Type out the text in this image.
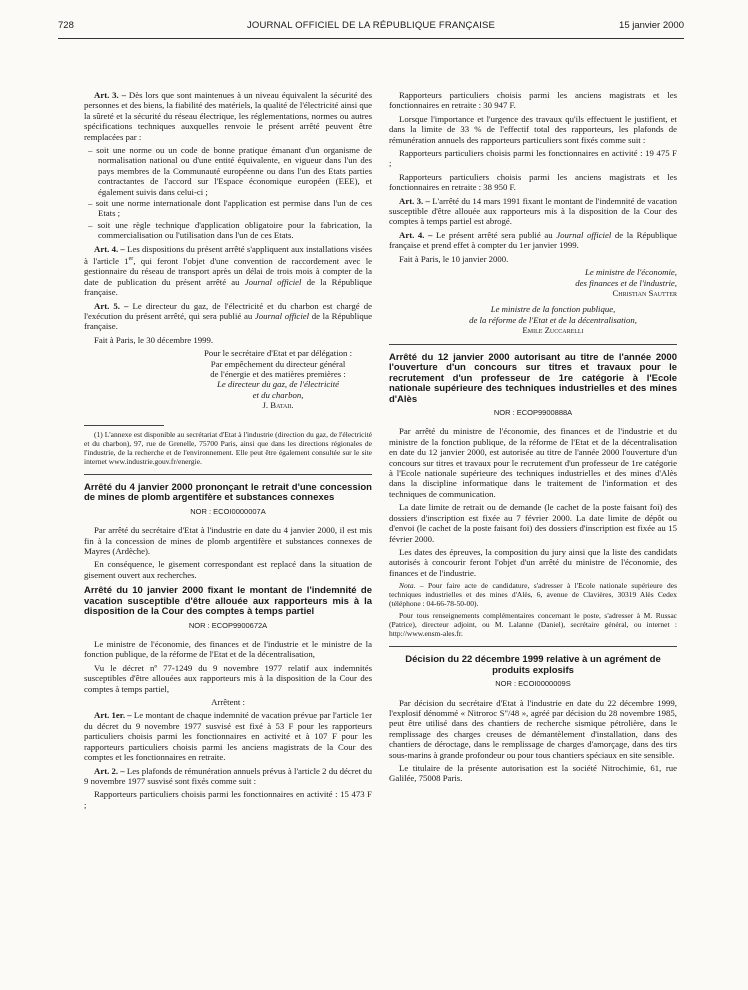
728	JOURNAL OFFICIEL DE LA RÉPUBLIQUE FRANÇAISE	15 janvier 2000

Art. 3. – Dès lors que sont maintenues à un niveau équivalent la sécurité des personnes et des biens, la fiabilité des matériels, la qualité de l'électricité ainsi que la sûreté et la sécurité du réseau électrique, les réglementations, normes ou autres spécifications techniques auxquelles renvoie le présent arrêté peuvent être remplacées par :

– soit une norme ou un code de bonne pratique émanant d'un organisme de normalisation national ou d'une entité équivalente, en vigueur dans l'un des pays membres de la Communauté européenne ou dans l'un des Etats parties contractantes de l'accord sur l'Espace économique européen (EEE), et également suivis dans celui-ci ;
– soit une norme internationale dont l'application est permise dans l'un de ces Etats ;
– soit une règle technique d'application obligatoire pour la fabrication, la commercialisation ou l'utilisation dans l'un de ces Etats.

Art. 4. – Les dispositions du présent arrêté s'appliquent aux installations visées à l'article 1er, qui feront l'objet d'une convention de raccordement avec le gestionnaire du réseau de transport après un délai de trois mois à compter de la date de publication du présent arrêté au Journal officiel de la République française.

Art. 5. – Le directeur du gaz, de l'électricité et du charbon est chargé de l'exécution du présent arrêté, qui sera publié au Journal officiel de la République française.

Fait à Paris, le 30 décembre 1999.

Pour le secrétaire d'Etat et par délégation :
Par empêchement du directeur général
de l'énergie et des matières premières :
Le directeur du gaz, de l'électricité
et du charbon,
J. Bataii.

(1) L'annexe est disponible au secrétariat d'Etat à l'industrie (direction du gaz, de l'électricité et du charbon), 97, rue de Grenelle, 75700 Paris, ainsi que dans les directions régionales de l'industrie, de la recherche et de l'environnement. Elle peut être également consultée sur le site internet www.industrie.gouv.fr/energie.

Arrêté du 4 janvier 2000 prononçant le retrait d'une concession de mines de plomb argentifère et substances connexes
NOR : ECOI0000007A

Par arrêté du secrétaire d'Etat à l'industrie en date du 4 janvier 2000, il est mis fin à la concession de mines de plomb argentifère et substances connexes de Mayres (Ardèche).

En conséquence, le gisement correspondant est replacé dans la situation de gisement ouvert aux recherches.

Arrêté du 10 janvier 2000 fixant le montant de l'indemnité de vacation susceptible d'être allouée aux rapporteurs mis à la disposition de la Cour des comptes à temps partiel
NOR : ECOP9900672A

Le ministre de l'économie, des finances et de l'industrie et le ministre de la fonction publique, de la réforme de l'Etat et de la décentralisation,

Vu le décret nº 77-1249 du 9 novembre 1977 relatif aux indemnités susceptibles d'être allouées aux rapporteurs mis à la disposition de la Cour des comptes à temps partiel,

Arrêtent :

Art. 1er. – Le montant de chaque indemnité de vacation prévue par l'article 1er du décret du 9 novembre 1977 susvisé est fixé à 53 F pour les rapporteurs particuliers choisis parmi les fonctionnaires en activité et à 107 F pour les rapporteurs particuliers choisis parmi les anciens magistrats de la Cour des comptes et les fonctionnaires en retraite.

Art. 2. – Les plafonds de rémunération annuels prévus à l'article 2 du décret du 9 novembre 1977 susvisé sont fixés comme suit :

Rapporteurs particuliers choisis parmi les fonctionnaires en activité : 15 473 F ;

Rapporteurs particuliers choisis parmi les anciens magistrats et les fonctionnaires en retraite : 30 947 F.

Lorsque l'importance et l'urgence des travaux qu'ils effectuent le justifient, et dans la limite de 33 % de l'effectif total des rapporteurs, les plafonds de rémunération annuels des rapporteurs particuliers sont fixés comme suit :

Rapporteurs particuliers choisis parmi les fonctionnaires en activité : 19 475 F ;

Rapporteurs particuliers choisis parmi les anciens magistrats et les fonctionnaires en retraite : 38 950 F.

Art. 3. – L'arrêté du 14 mars 1991 fixant le montant de l'indemnité de vacation susceptible d'être allouée aux rapporteurs mis à la disposition de la Cour des comptes à temps partiel est abrogé.

Art. 4. – Le présent arrêté sera publié au Journal officiel de la République française et prend effet à compter du 1er janvier 1999.

Fait à Paris, le 10 janvier 2000.

Le ministre de l'économie,
des finances et de l'industrie,
Christian Sautter
Le ministre de la fonction publique,
de la réforme de l'Etat et de la décentralisation,
Emile Zuccarelli
Arrêté du 12 janvier 2000 autorisant au titre de l'année 2000 l'ouverture d'un concours sur titres et travaux pour le recrutement d'un professeur de 1re catégorie à l'Ecole nationale supérieure des techniques industrielles et des mines d'Alès
NOR : ECOP9900888A

Par arrêté du ministre de l'économie, des finances et de l'industrie et du ministre de la fonction publique, de la réforme de l'Etat et de la décentralisation en date du 12 janvier 2000, est autorisée au titre de l'année 2000 l'ouverture d'un concours sur titres et travaux pour le recrutement d'un professeur de 1re catégorie à l'Ecole nationale supérieure des techniques industrielles et des mines d'Alès dans la discipline informatique dans le traitement de l'information et des techniques de communication.

La date limite de retrait ou de demande (le cachet de la poste faisant foi) des dossiers d'inscription est fixée au 7 février 2000. La date limite de dépôt ou d'envoi (le cachet de la poste faisant foi) des dossiers d'inscription est fixée au 15 février 2000.

Les dates des épreuves, la composition du jury ainsi que la liste des candidats autorisés à concourir feront l'objet d'un arrêté du ministre de l'économie, des finances et de l'industrie.

Nota. – Pour faire acte de candidature, s'adresser à l'Ecole nationale supérieure des techniques industrielles et des mines d'Alès, 6, avenue de Clavières, 30319 Alès Cedex (téléphone : 04-66-78-50-00).

Pour tous renseignements complémentaires concernant le poste, s'adresser à M. Russac (Patrice), directeur adjoint, ou M. Lalanne (Daniel), secrétaire général, ou internet : http://www.ensm-ales.fr.

Décision du 22 décembre 1999 relative à un agrément de produits explosifs
NOR : ECOI0000009S

Par décision du secrétaire d'Etat à l'industrie en date du 22 décembre 1999, l'explosif dénommé « Nitroroc S"/48 », agréé par décision du 28 novembre 1985, peut être utilisé dans des chantiers de recherche sismique pétrolière, dans le remplissage des charges creuses de démantèlement d'installation, dans des chantiers de déroctage, dans le remplissage de charges d'amorçage, dans des tirs sous-marins à grande profondeur ou pour tous chantiers spéciaux en site sensible.

Le titulaire de la présente autorisation est la société Nitrochimie, 61, rue Galilée, 75008 Paris.
